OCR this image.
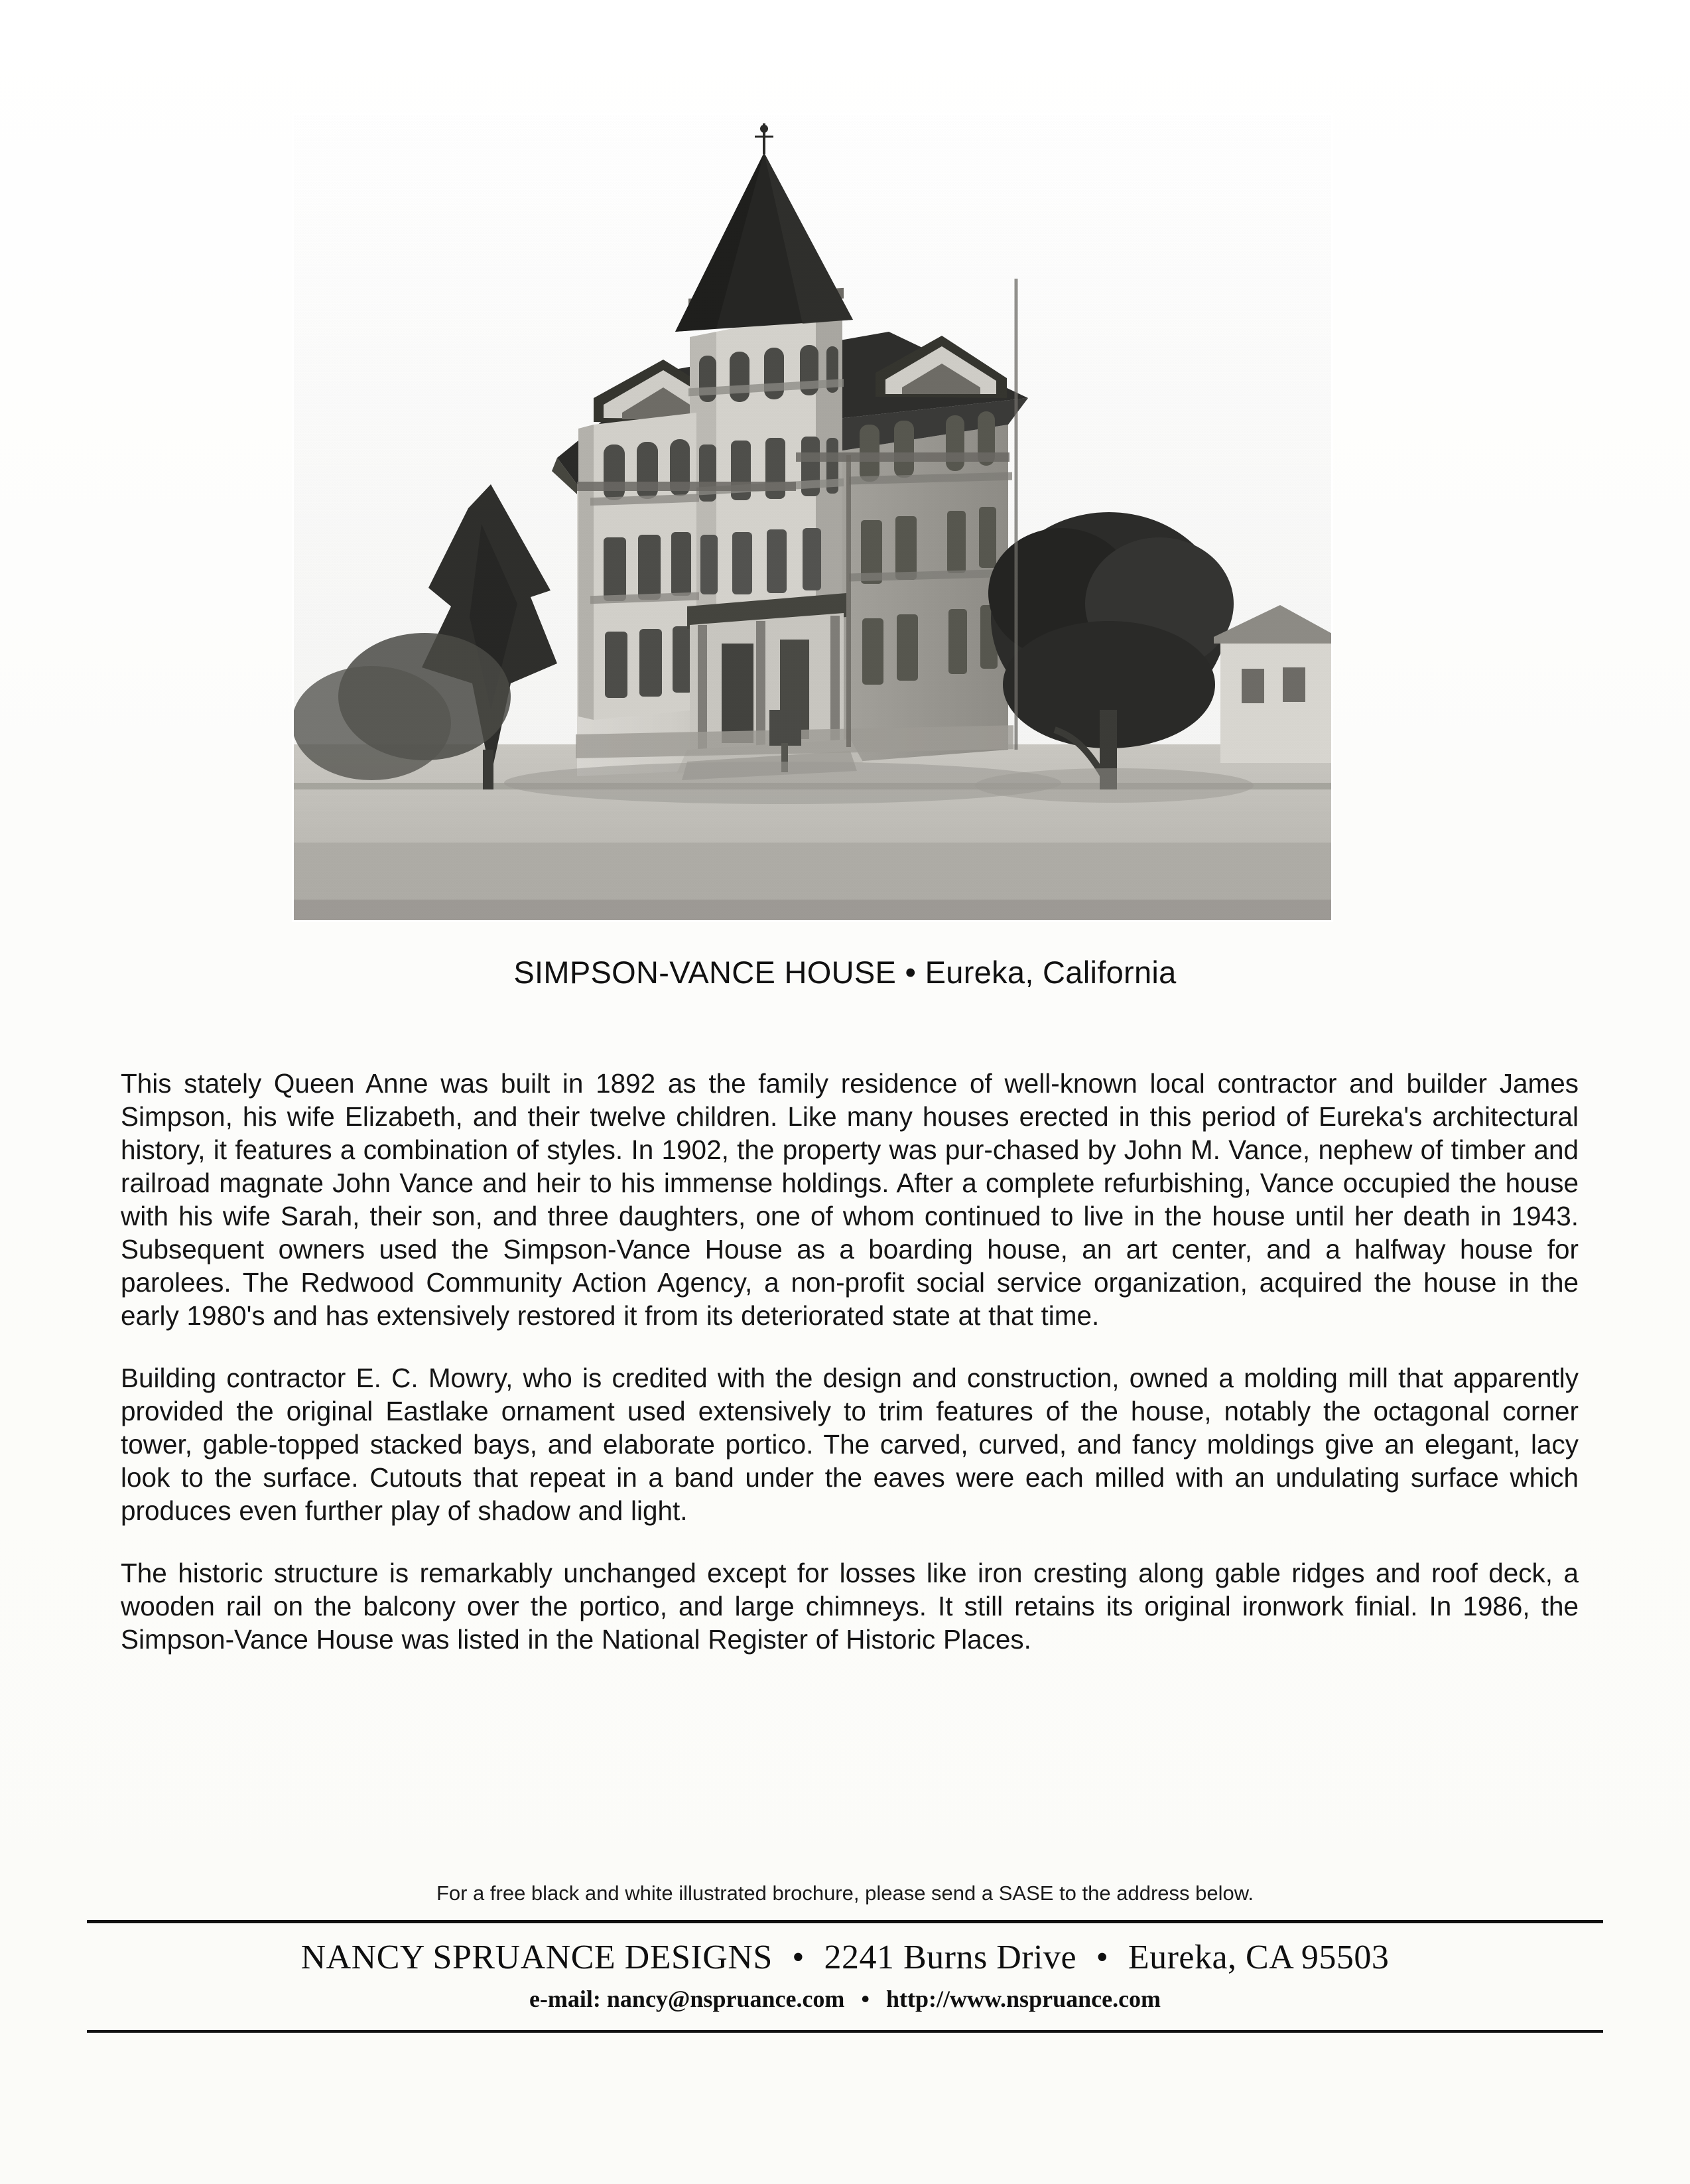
SIMPSON-VANCE HOUSE • Eureka, California

This stately Queen Anne was built in 1892 as the family residence of well-known local contractor and builder James Simpson, his wife Elizabeth, and their twelve children. Like many houses erected in this period of Eureka's architectural history, it features a combination of styles. In 1902, the property was pur-chased by John M. Vance, nephew of timber and railroad magnate John Vance and heir to his immense holdings. After a complete refurbishing, Vance occupied the house with his wife Sarah, their son, and three daughters, one of whom continued to live in the house until her death in 1943. Subsequent owners used the Simpson-Vance House as a boarding house, an art center, and a halfway house for parolees. The Redwood Community Action Agency, a non-profit social service organization, acquired the house in the early 1980's and has extensively restored it from its deteriorated state at that time.

Building contractor E. C. Mowry, who is credited with the design and construction, owned a molding mill that apparently provided the original Eastlake ornament used extensively to trim features of the house, notably the octagonal corner tower, gable-topped stacked bays, and elaborate portico. The carved, curved, and fancy moldings give an elegant, lacy look to the surface. Cutouts that repeat in a band under the eaves were each milled with an undulating surface which produces even further play of shadow and light.

The historic structure is remarkably unchanged except for losses like iron cresting along gable ridges and roof deck, a wooden rail on the balcony over the portico, and large chimneys. It still retains its original ironwork finial. In 1986, the Simpson-Vance House was listed in the National Register of Historic Places.

For a free black and white illustrated brochure, please send a SASE to the address below.
NANCY SPRUANCE DESIGNS • 2241 Burns Drive • Eureka, CA 95503
e-mail: nancy@nspruance.com • http://www.nspruance.com
